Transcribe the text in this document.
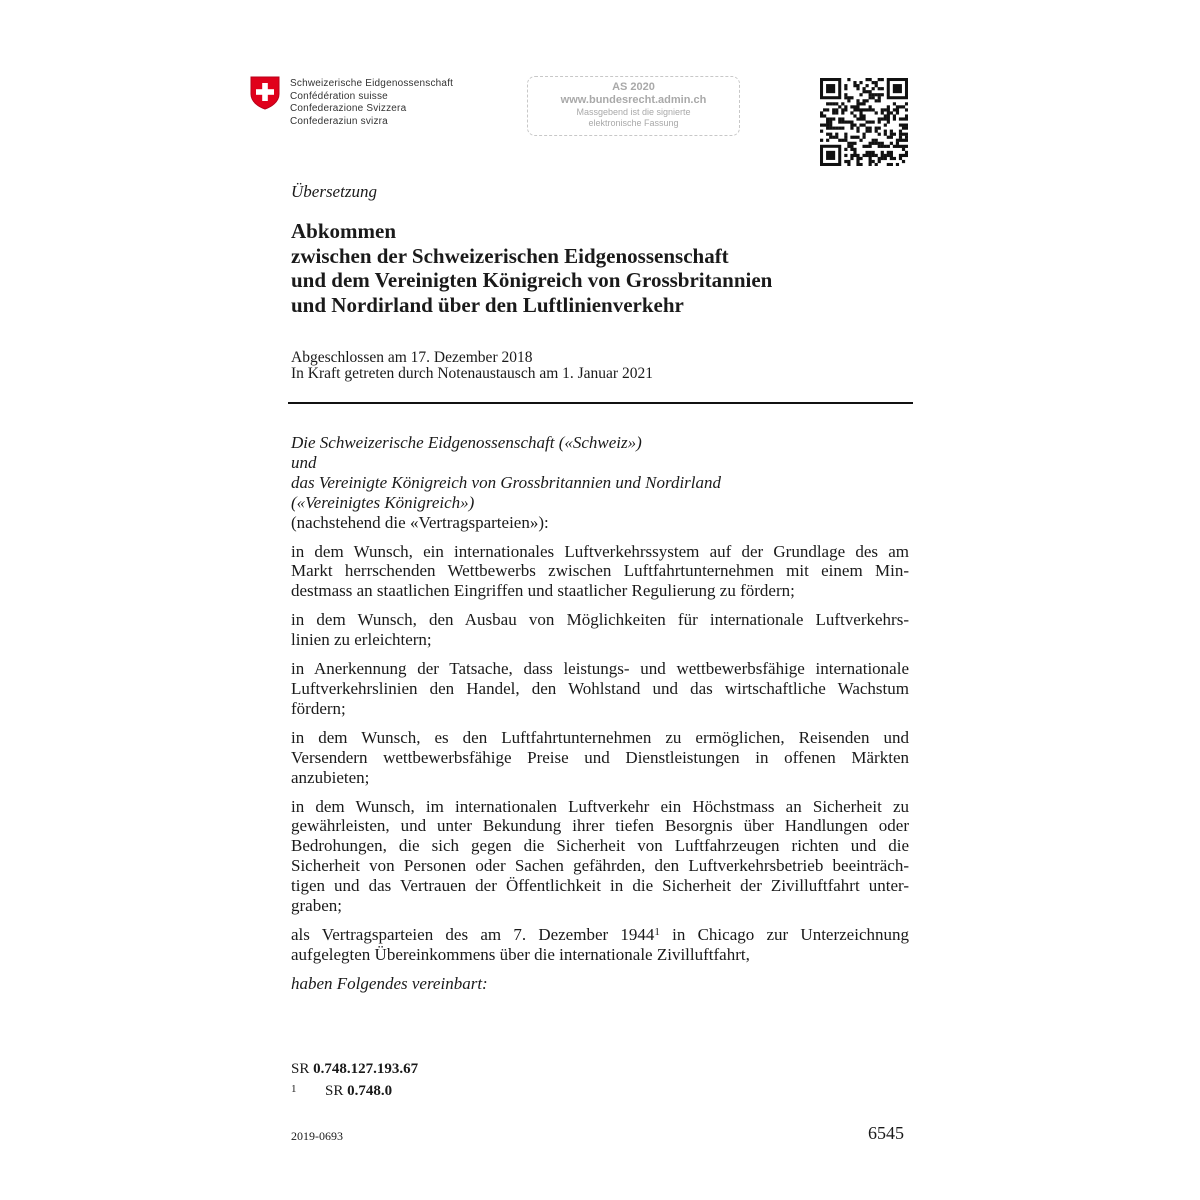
Schweizerische Eidgenossenschaft
Confédération suisse
Confederazione Svizzera
Confederaziun svizra
AS 2020
www.bundesrecht.admin.ch
Massgebend ist die signierte
elektronische Fassung
Übersetzung
Abkommen
zwischen der Schweizerischen Eidgenossenschaft
und dem Vereinigten Königreich von Grossbritannien
und Nordirland über den Luftlinienverkehr
Abgeschlossen am 17. Dezember 2018
In Kraft getreten durch Notenaustausch am 1. Januar 2021
Die Schweizerische Eidgenossenschaft («Schweiz»)
und
das Vereinigte Königreich von Grossbritannien und Nordirland
(«Vereinigtes Königreich»)
(nachstehend die «Vertragsparteien»):
in dem Wunsch, ein internationales Luftverkehrssystem auf der Grundlage des am
Markt herrschenden Wettbewerbs zwischen Luftfahrtunternehmen mit einem Min-
destmass an staatlichen Eingriffen und staatlicher Regulierung zu fördern;
in dem Wunsch, den Ausbau von Möglichkeiten für internationale Luftverkehrs-
linien zu erleichtern;
in Anerkennung der Tatsache, dass leistungs- und wettbewerbsfähige internationale
Luftverkehrslinien den Handel, den Wohlstand und das wirtschaftliche Wachstum
fördern;
in dem Wunsch, es den Luftfahrtunternehmen zu ermöglichen, Reisenden und
Versendern wettbewerbsfähige Preise und Dienstleistungen in offenen Märkten
anzubieten;
in dem Wunsch, im internationalen Luftverkehr ein Höchstmass an Sicherheit zu
gewährleisten, und unter Bekundung ihrer tiefen Besorgnis über Handlungen oder
Bedrohungen, die sich gegen die Sicherheit von Luftfahrzeugen richten und die
Sicherheit von Personen oder Sachen gefährden, den Luftverkehrsbetrieb beeinträch-
tigen und das Vertrauen der Öffentlichkeit in die Sicherheit der Zivilluftfahrt unter-
graben;
als Vertragsparteien des am 7. Dezember 1944$^1$ in Chicago zur Unterzeichnung
aufgelegten Übereinkommens über die internationale Zivilluftfahrt,
haben Folgendes vereinbart:
SR 0.748.127.193.67
1 SR 0.748.0
2019-0693	6545
